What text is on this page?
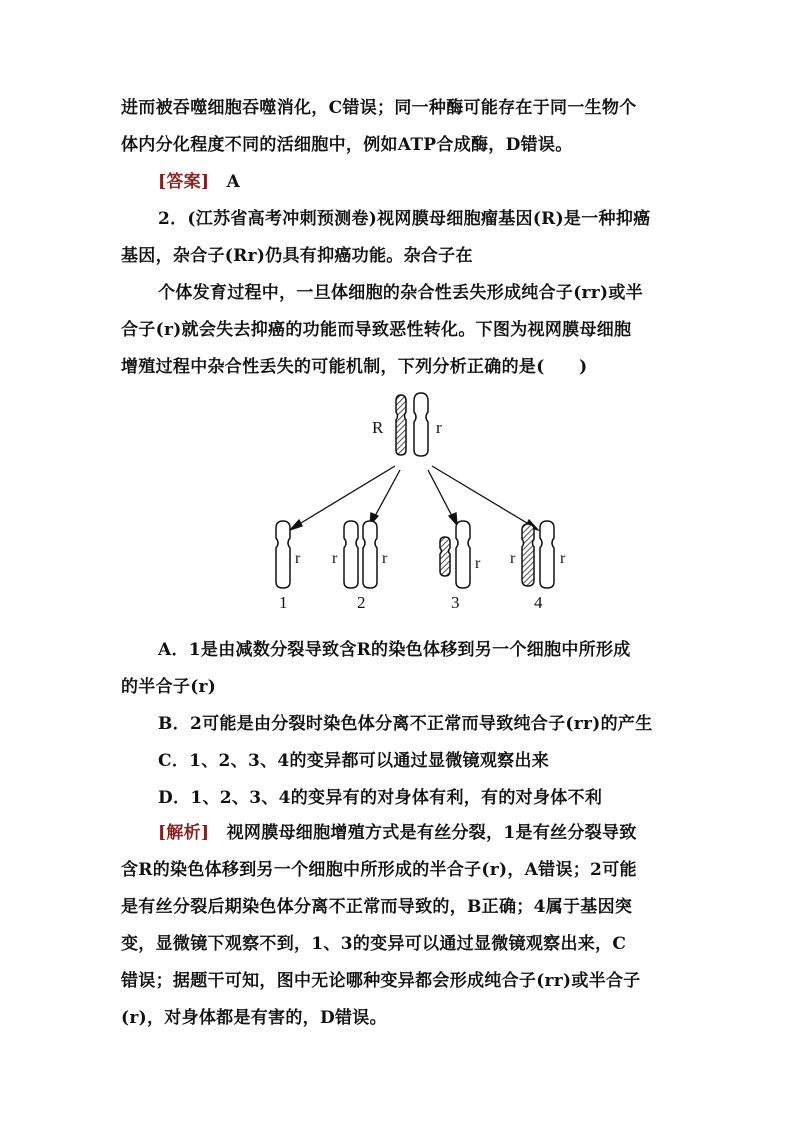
进而被吞噬细胞吞噬消化，C错误；同一种酶可能存在于同一生物个
体内分化程度不同的活细胞中，例如ATP合成酶，D错误。
[答案]　 A
2．(江苏省高考冲刺预测卷)视网膜母细胞瘤基因(R)是一种抑癌
基因，杂合子(Rr)仍具有抑癌功能。杂合子在
个体发育过程中，一旦体细胞的杂合性丢失形成纯合子(rr)或半
合子(r)就会失去抑癌的功能而导致恶性转化。下图为视网膜母细胞
增殖过程中杂合性丢失的可能机制，下列分析正确的是(　　)
R	r
r r	r	r r	r
1	2	3	4
A．1是由减数分裂导致含R的染色体移到另一个细胞中所形成
的半合子(r)
B．2可能是由分裂时染色体分离不正常而导致纯合子(rr)的产生
C．1、2、3、4的变异都可以通过显微镜观察出来
D．1、2、3、4的变异有的对身体有利，有的对身体不利
[解析]　 视网膜母细胞增殖方式是有丝分裂，1是有丝分裂导致
含R的染色体移到另一个细胞中所形成的半合子(r)，A错误；2可能
是有丝分裂后期染色体分离不正常而导致的，B正确；4属于基因突
变，显微镜下观察不到，1、3的变异可以通过显微镜观察出来，C
错误；据题干可知，图中无论哪种变异都会形成纯合子(rr)或半合子
(r)，对身体都是有害的，D错误。
